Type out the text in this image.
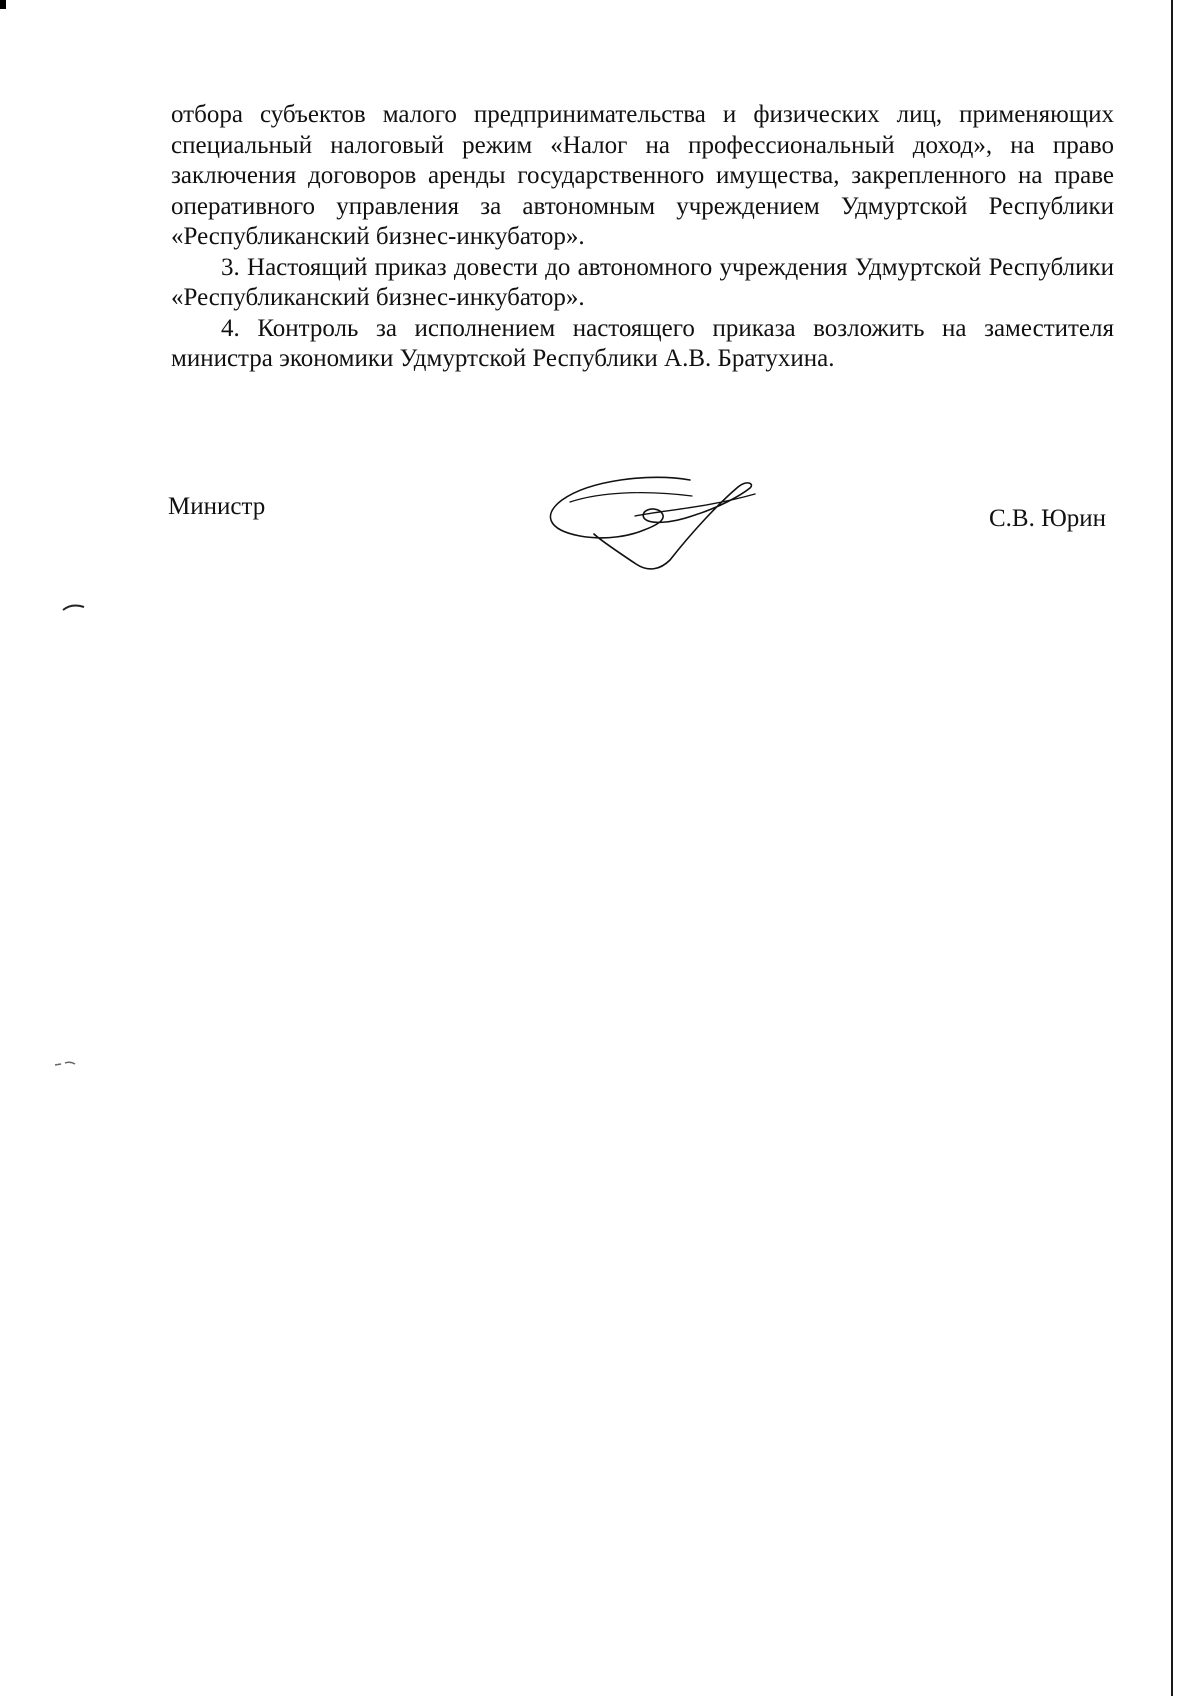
отбора субъектов малого предпринимательства и физических лиц, применяющих специальный налоговый режим «Налог на профессиональный доход», на право заключения договоров аренды государственного имущества, закрепленного на праве оперативного управления за автономным учреждением Удмуртской Республики «Республиканский бизнес-инкубатор».

3. Настоящий приказ довести до автономного учреждения Удмуртской Республики «Республиканский бизнес-инкубатор».

4. Контроль за исполнением настоящего приказа возложить на заместителя министра экономики Удмуртской Республики А.В. Братухина.

Министр	С.В. Юрин
